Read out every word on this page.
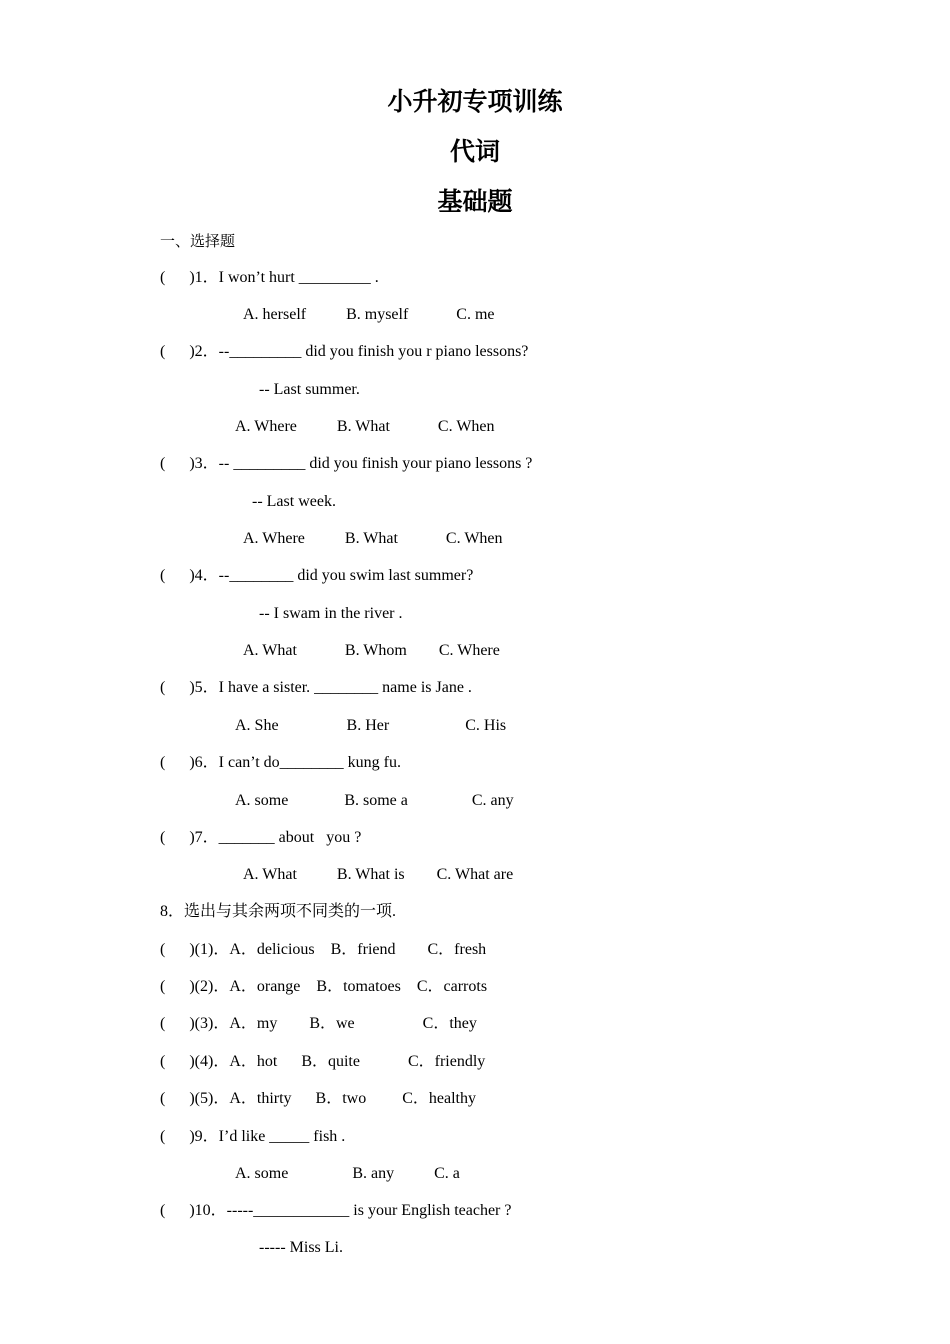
小升初专项训练
代词
基础题
一、选择题
(      )1．I won’t hurt _________ .
A. herself          B. myself            C. me
(      )2．--_________ did you finish you r piano lessons?
-- Last summer.
A. Where          B. What            C. When
(      )3．-- _________ did you finish your piano lessons ?
-- Last week.
A. Where          B. What            C. When
(      )4．--________ did you swim last summer?
-- I swam in the river .
A. What            B. Whom        C. Where
(      )5．I have a sister. ________ name is Jane .
A. She                 B. Her                   C. His
(      )6．I can’t do________ kung fu.
A. some              B. some a                C. any
(      )7．_______ about   you ?
A. What          B. What is        C. What are
8．选出与其余两项不同类的一项.
(      )(1)．A．delicious    B．friend        C．fresh
(      )(2)．A．orange    B．tomatoes    C．carrots
(      )(3)．A．my        B．we                 C．they
(      )(4)．A．hot      B．quite            C．friendly
(      )(5)．A．thirty      B．two         C．healthy
(      )9．I’d like _____ fish .
A. some                B. any          C. a
(      )10．-----____________ is your English teacher ?
----- Miss Li.
